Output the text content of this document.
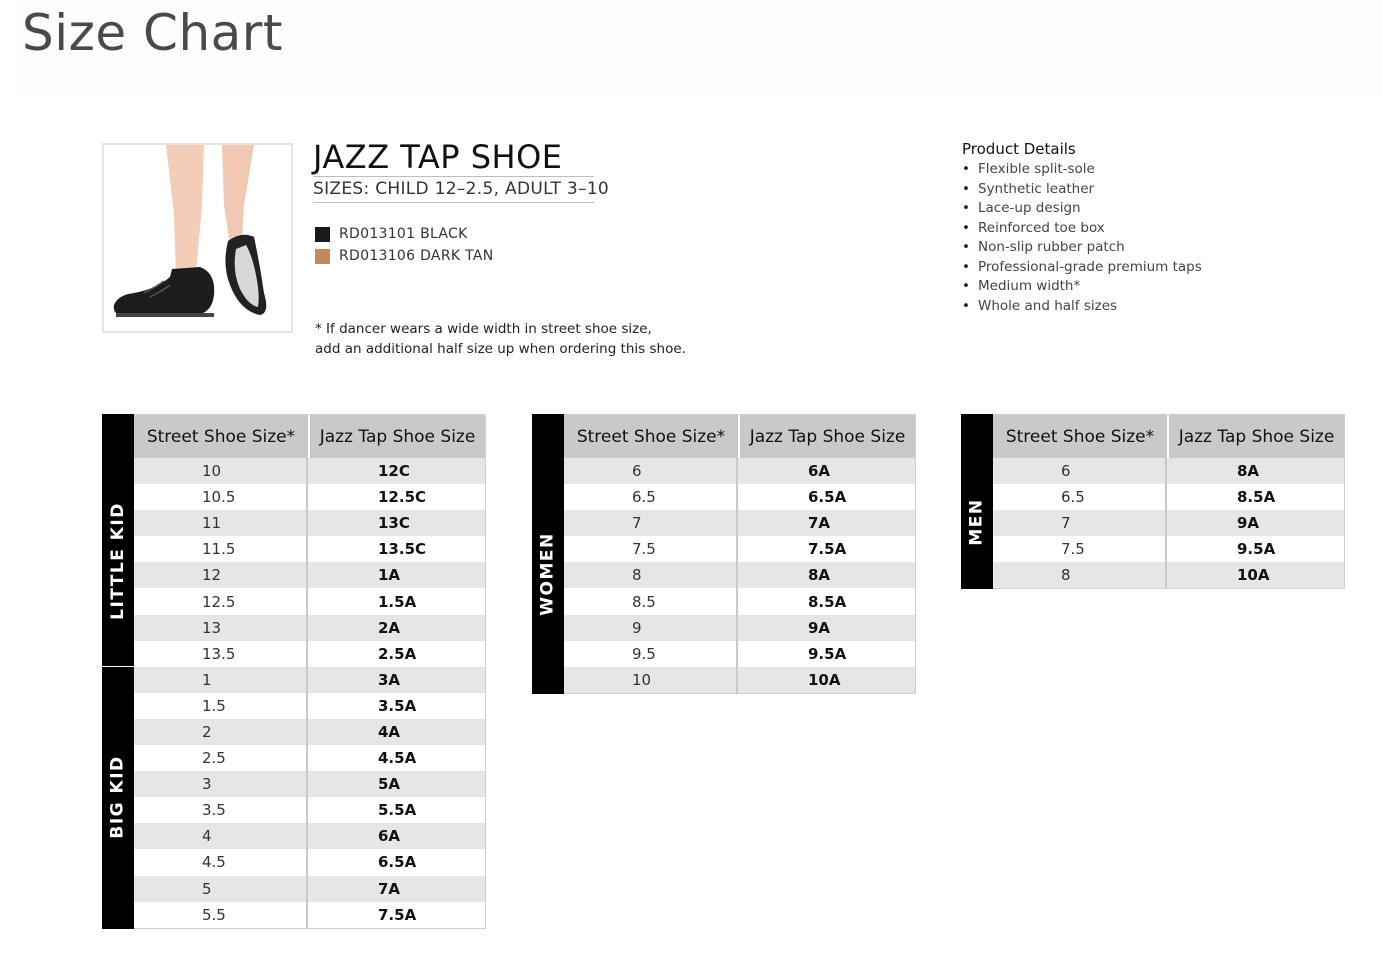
Size Chart
JAZZ TAP SHOE
SIZES: CHILD 12–2.5, ADULT 3–10
RD013101 BLACK
RD013106 DARK TAN
* If dancer wears a wide width in street shoe size,
add an additional half size up when ordering this shoe.
Product Details
• Flexible split-sole
• Synthetic leather
• Lace-up design
• Reinforced toe box
• Non-slip rubber patch
• Professional-grade premium taps
• Medium width*
• Whole and half sizes
LITTLE KID
BIG KID
Street Shoe Size*	Jazz Tap Shoe Size
10	12C
10.5	12.5C
11	13C
11.5	13.5C
12	1A
12.5	1.5A
13	2A
13.5	2.5A
1	3A
1.5	3.5A
2	4A
2.5	4.5A
3	5A
3.5	5.5A
4	6A
4.5	6.5A
5	7A
5.5	7.5A
WOMEN
Street Shoe Size*	Jazz Tap Shoe Size
6	6A
6.5	6.5A
7	7A
7.5	7.5A
8	8A
8.5	8.5A
9	9A
9.5	9.5A
10	10A
MEN
Street Shoe Size*	Jazz Tap Shoe Size
6	8A
6.5	8.5A
7	9A
7.5	9.5A
8	10A
